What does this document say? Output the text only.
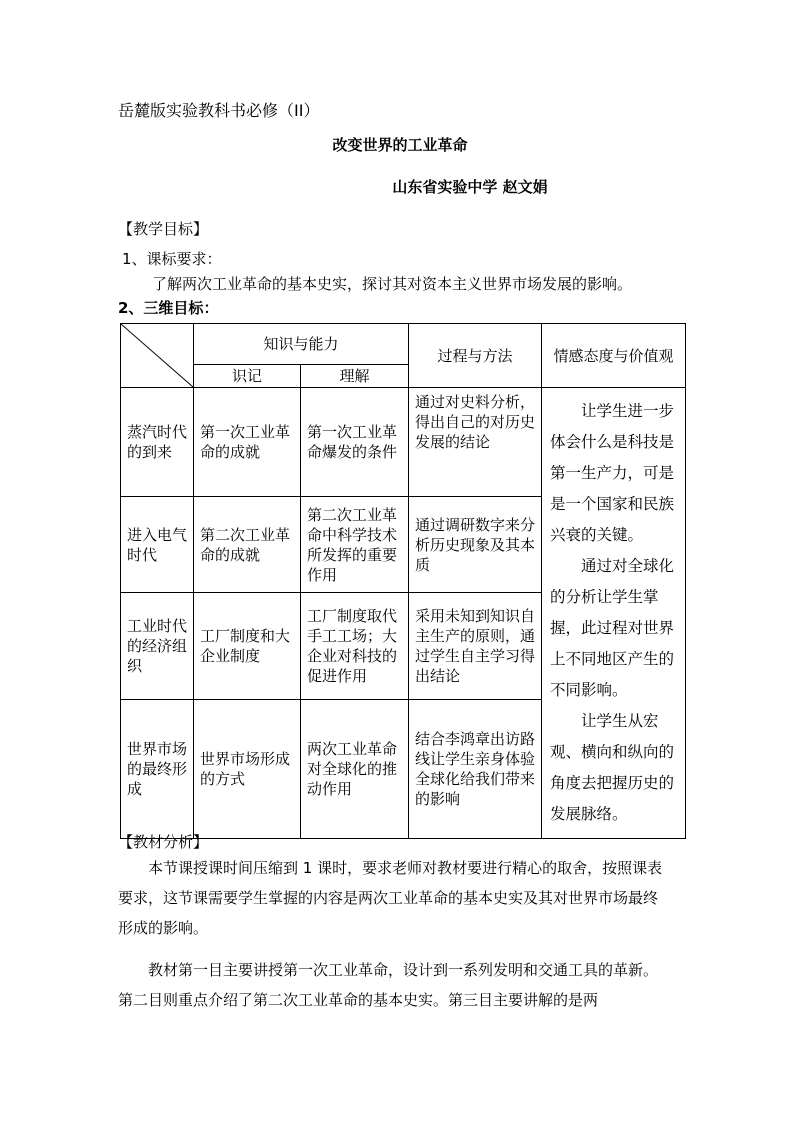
岳麓版实验教科书必修（II）
改变世界的工业革命
山东省实验中学 赵文娟
【教学目标】
1、课标要求：
了解两次工业革命的基本史实，探讨其对资本主义世界市场发展的影响。
2、三维目标：
	知识与能力		过程与方法	情感态度与价值观
	识记	理解		
蒸汽时代的到来	第一次工业革命的成就	第一次工业革命爆发的条件	通过对史料分析，得出自己的对历史发展的结论	让学生进一步体会什么是科技是第一生产力，可是是一个国家和民族兴衰的关键。

通过对全球化的分析让学生掌握，此过程对世界上不同地区产生的不同影响。

让学生从宏观、横向和纵向的角度去把握历史的发展脉络。

进入电气时代	第二次工业革命的成就	第二次工业革命中科学技术所发挥的重要作用	通过调研数字来分析历史现象及其本质	
工业时代的经济组织	工厂制度和大企业制度	工厂制度取代手工工场；大企业对科技的促进作用	采用未知到知识自主生产的原则，通过学生自主学习得出结论	
世界市场的最终形成	世界市场形成的方式	两次工业革命对全球化的推动作用	结合李鸿章出访路线让学生亲身体验全球化给我们带来的影响	
【教材分析】

本节课授课时间压缩到 1 课时，要求老师对教材要进行精心的取舍，按照课表要求，这节课需要学生掌握的内容是两次工业革命的基本史实及其对世界市场最终形成的影响。

教材第一目主要讲授第一次工业革命，设计到一系列发明和交通工具的革新。第二目则重点介绍了第二次工业革命的基本史实。第三目主要讲解的是两
